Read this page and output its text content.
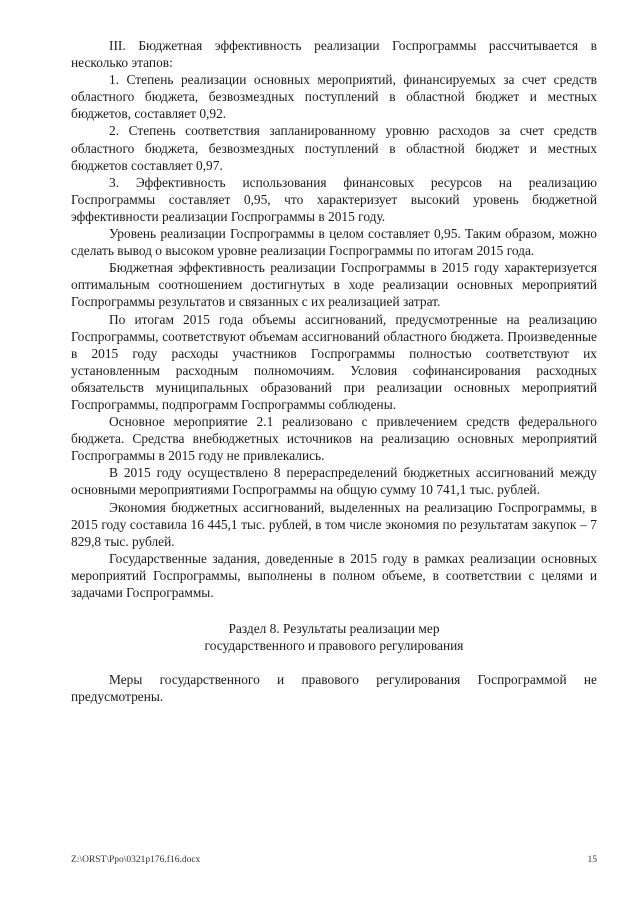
III. Бюджетная эффективность реализации Госпрограммы рассчитывается в несколько этапов:

1. Степень реализации основных мероприятий, финансируемых за счет средств областного бюджета, безвозмездных поступлений в областной бюджет и местных бюджетов, составляет 0,92.

2. Степень соответствия запланированному уровню расходов за счет средств областного бюджета, безвозмездных поступлений в областной бюджет и местных бюджетов составляет 0,97.

3. Эффективность использования финансовых ресурсов на реализацию Госпрограммы составляет 0,95, что характеризует высокий уровень бюджетной эффективности реализации Госпрограммы в 2015 году.

Уровень реализации Госпрограммы в целом составляет 0,95. Таким образом, можно сделать вывод о высоком уровне реализации Госпрограммы по итогам 2015 года.

Бюджетная эффективность реализации Госпрограммы в 2015 году характеризуется оптимальным соотношением достигнутых в ходе реализации основных мероприятий Госпрограммы результатов и связанных с их реализацией затрат.

По итогам 2015 года объемы ассигнований, предусмотренные на реализацию Госпрограммы, соответствуют объемам ассигнований областного бюджета. Произведенные в 2015 году расходы участников Госпрограммы полностью соответствуют их установленным расходным полномочиям. Условия софинансирования расходных обязательств муниципальных образований при реализации основных мероприятий Госпрограммы, подпрограмм Госпрограммы соблюдены.

Основное мероприятие 2.1 реализовано с привлечением средств федерального бюджета. Средства внебюджетных источников на реализацию основных мероприятий Госпрограммы в 2015 году не привлекались.

В 2015 году осуществлено 8 перераспределений бюджетных ассигнований между основными мероприятиями Госпрограммы на общую сумму 10 741,1 тыс. рублей.

Экономия бюджетных ассигнований, выделенных на реализацию Госпрограммы, в 2015 году составила 16 445,1 тыс. рублей, в том числе экономия по результатам закупок – 7 829,8 тыс. рублей.

Государственные задания, доведенные в 2015 году в рамках реализации основных мероприятий Госпрограммы, выполнены в полном объеме, в соответствии с целями и задачами Госпрограммы.

Раздел 8. Результаты реализации мер
государственного и правового регулирования

Меры государственного и правового регулирования Госпрограммой не предусмотрены.

Z:\ORST\Ppo\0321p176.f16.docx	15
